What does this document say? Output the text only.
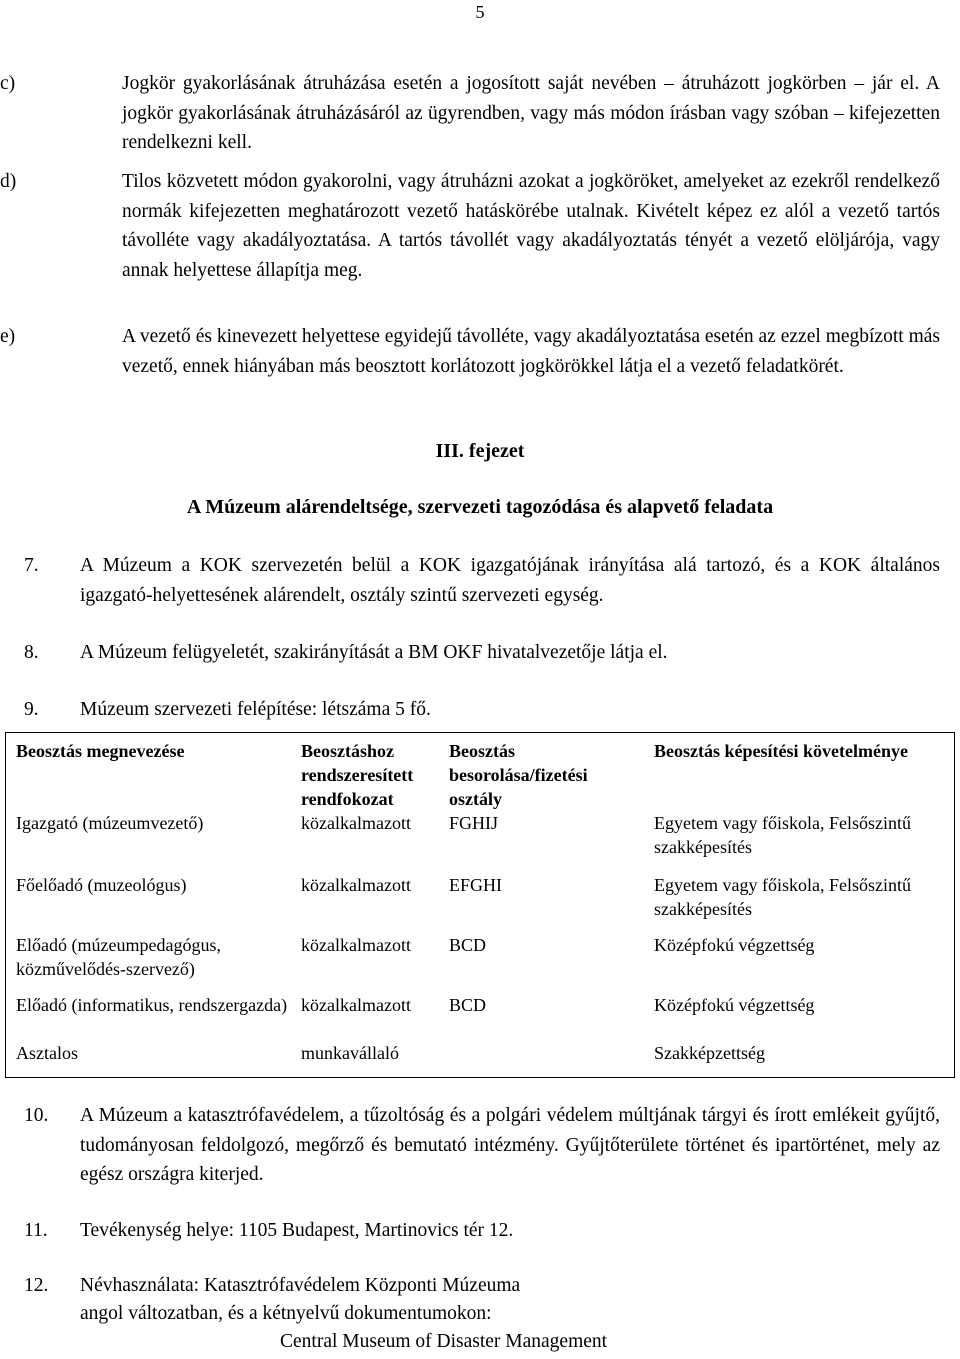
5
c)	Jogkör gyakorlásának átruházása esetén a jogosított saját nevében – átruházott jogkörben – jár el. A jogkör gyakorlásának átruházásáról az ügyrendben, vagy más módon írásban vagy szóban – kifejezetten rendelkezni kell.
d)	Tilos közvetett módon gyakorolni, vagy átruházni azokat a jogköröket, amelyeket az ezekről rendelkező normák kifejezetten meghatározott vezető hatáskörébe utalnak. Kivételt képez ez alól a vezető tartós távolléte vagy akadályoztatása. A tartós távollét vagy akadályoztatás tényét a vezető elöljárója, vagy annak helyettese állapítja meg.
e)	A vezető és kinevezett helyettese egyidejű távolléte, vagy akadályoztatása esetén az ezzel megbízott más vezető, ennek hiányában más beosztott korlátozott jogkörökkel látja el a vezető feladatkörét.
III. fejezet
A Múzeum alárendeltsége, szervezeti tagozódása és alapvető feladata
7. A Múzeum a KOK szervezetén belül a KOK igazgatójának irányítása alá tartozó, és a KOK általános igazgató-helyettesének alárendelt, osztály szintű szervezeti egység.
8. A Múzeum felügyeletét, szakirányítását a BM OKF hivatalvezetője látja el.
9. Múzeum szervezeti felépítése: létszáma 5 fő.
Beosztás megnevezése	Beosztáshoz rendszeresített rendfokozat	Beosztás besorolása/fizetési osztály	Beosztás képesítési követelménye
Igazgató (múzeumvezető)	közalkalmazott	FGHIJ	Egyetem vagy főiskola, Felsőszintű szakképesítés
Főelőadó (muzeológus)	közalkalmazott	EFGHI	Egyetem vagy főiskola, Felsőszintű szakképesítés
Előadó (múzeumpedagógus, közművelődés-szervező)	közalkalmazott	BCD	Középfokú végzettség
Előadó (informatikus, rendszergazda)	közalkalmazott	BCD	Középfokú végzettség
Asztalos	munkavállaló		Szakképzettség
10. A Múzeum a katasztrófavédelem, a tűzoltóság és a polgári védelem múltjának tárgyi és írott emlékeit gyűjtő, tudományosan feldolgozó, megőrző és bemutató intézmény. Gyűjtőterülete történet és ipartörténet, mely az egész országra kiterjed.
11. Tevékenység helye: 1105 Budapest, Martinovics tér 12.
12. Névhasználata: Katasztrófavédelem Központi Múzeuma
angol változatban, és a kétnyelvű dokumentumokon:
Central Museum of Disaster Management
